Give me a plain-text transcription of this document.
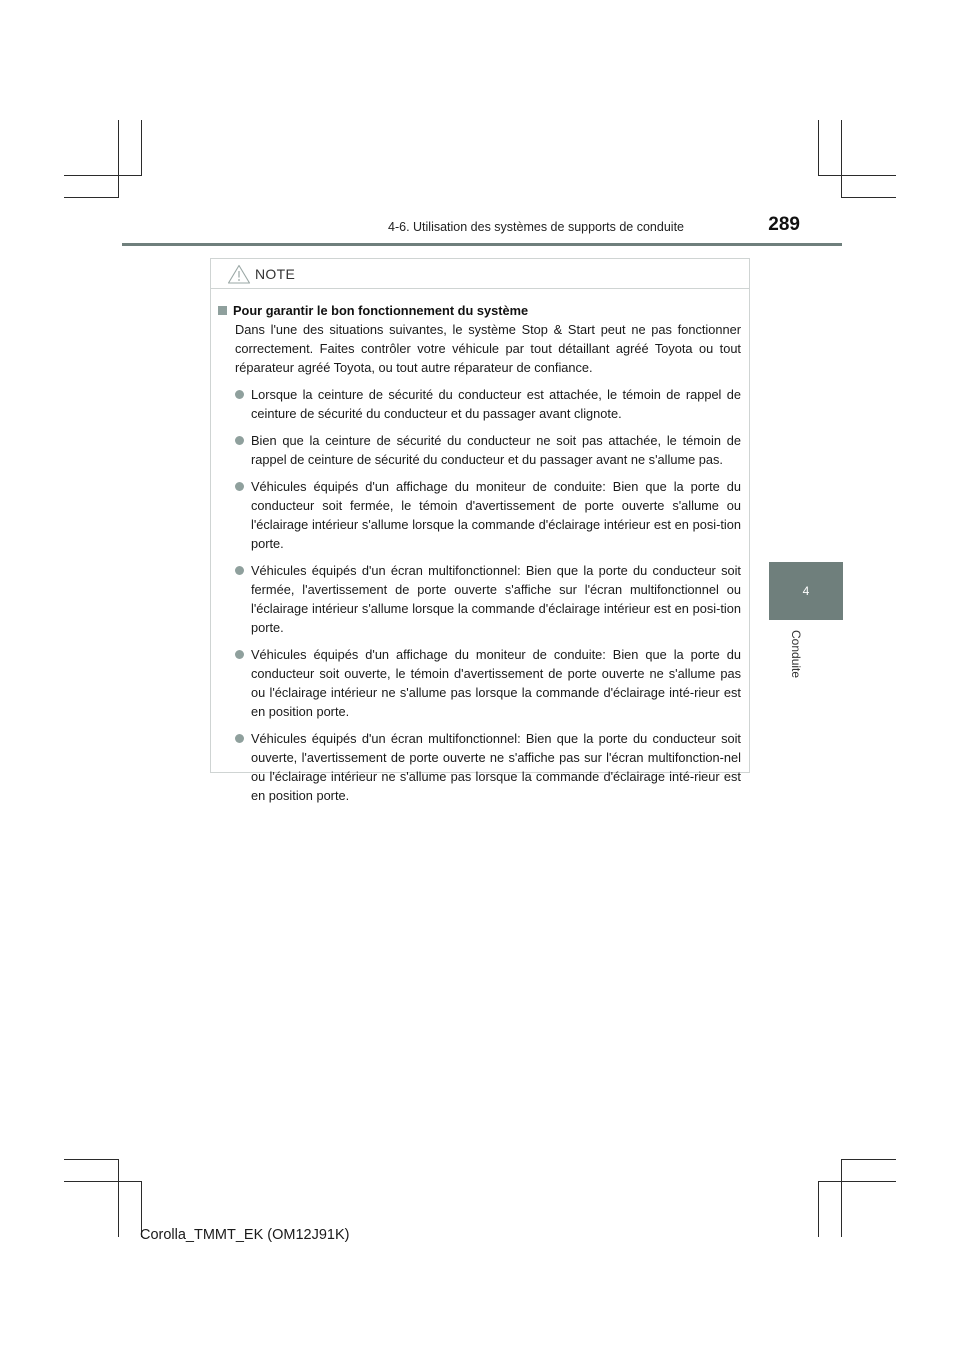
4-6. Utilisation des systèmes de supports de conduite	289
4
Conduite
NOTE
Pour garantir le bon fonctionnement du système

Dans l'une des situations suivantes, le système Stop & Start peut ne pas fonctionner correctement. Faites contrôler votre véhicule par tout détaillant agréé Toyota ou tout réparateur agréé Toyota, ou tout autre réparateur de confiance.

Lorsque la ceinture de sécurité du conducteur est attachée, le témoin de rappel de ceinture de sécurité du conducteur et du passager avant clignote.
Bien que la ceinture de sécurité du conducteur ne soit pas attachée, le témoin de rappel de ceinture de sécurité du conducteur et du passager avant ne s'allume pas.
Véhicules équipés d'un affichage du moniteur de conduite: Bien que la porte du conducteur soit fermée, le témoin d'avertissement de porte ouverte s'allume ou l'éclairage intérieur s'allume lorsque la commande d'éclairage intérieur est en posi-tion porte.
Véhicules équipés d'un écran multifonctionnel: Bien que la porte du conducteur soit fermée, l'avertissement de porte ouverte s'affiche sur l'écran multifonctionnel ou l'éclairage intérieur s'allume lorsque la commande d'éclairage intérieur est en posi-tion porte.
Véhicules équipés d'un affichage du moniteur de conduite: Bien que la porte du conducteur soit ouverte, le témoin d'avertissement de porte ouverte ne s'allume pas ou l'éclairage intérieur ne s'allume pas lorsque la commande d'éclairage inté-rieur est en position porte.
Véhicules équipés d'un écran multifonctionnel: Bien que la porte du conducteur soit ouverte, l'avertissement de porte ouverte ne s'affiche pas sur l'écran multifonction-nel ou l'éclairage intérieur ne s'allume pas lorsque la commande d'éclairage inté-rieur est en position porte.
Corolla_TMMT_EK (OM12J91K)
